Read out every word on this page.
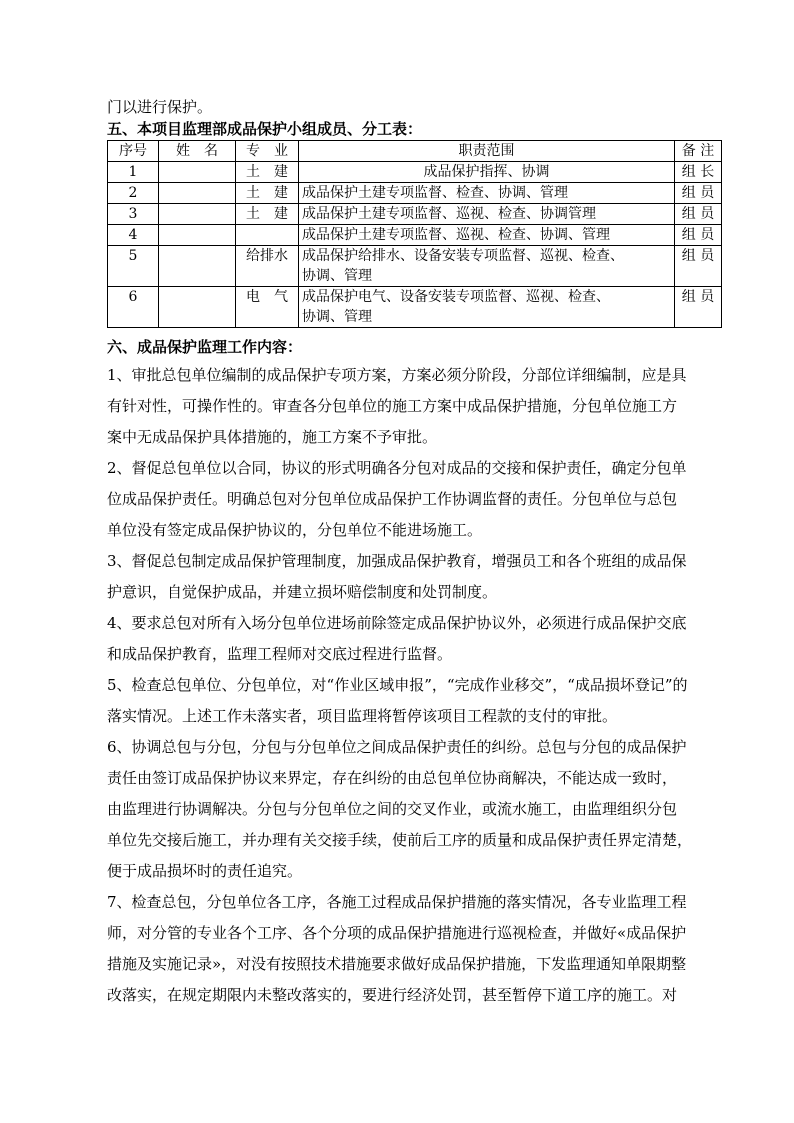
门以进行保护。
五、本项目监理部成品保护小组成员、分工表：
序号	姓　名	专　业	职责范围	备 注
1		土　建	成品保护指挥、协调	组 长
2		土　建	成品保护土建专项监督、检查、协调、管理	组 员
3		土　建	成品保护土建专项监督、巡视、检查、协调管理	组 员
4			成品保护土建专项监督、巡视、检查、协调、管理	组 员
5		给排水	成品保护给排水、设备安装专项监督、巡视、检查、
协调、管理	组 员
6		电　气	成品保护电气、设备安装专项监督、巡视、检查、
协调、管理	组 员
六、成品保护监理工作内容：
1、审批总包单位编制的成品保护专项方案，方案必须分阶段，分部位详细编制，应是具
有针对性，可操作性的。审查各分包单位的施工方案中成品保护措施，分包单位施工方
案中无成品保护具体措施的，施工方案不予审批。
2、督促总包单位以合同，协议的形式明确各分包对成品的交接和保护责任，确定分包单
位成品保护责任。明确总包对分包单位成品保护工作协调监督的责任。分包单位与总包
单位没有签定成品保护协议的，分包单位不能进场施工。
3、督促总包制定成品保护管理制度，加强成品保护教育，增强员工和各个班组的成品保
护意识，自觉保护成品，并建立损坏赔偿制度和处罚制度。
4、要求总包对所有入场分包单位进场前除签定成品保护协议外，必须进行成品保护交底
和成品保护教育，监理工程师对交底过程进行监督。
5、检查总包单位、分包单位，对“作业区域申报”，“完成作业移交”，“成品损坏登记”的
落实情况。上述工作未落实者，项目监理将暂停该项目工程款的支付的审批。
6、协调总包与分包，分包与分包单位之间成品保护责任的纠纷。总包与分包的成品保护
责任由签订成品保护协议来界定，存在纠纷的由总包单位协商解决，不能达成一致时，
由监理进行协调解决。分包与分包单位之间的交叉作业，或流水施工，由监理组织分包
单位先交接后施工，并办理有关交接手续，使前后工序的质量和成品保护责任界定清楚，
便于成品损坏时的责任追究。
7、检查总包，分包单位各工序，各施工过程成品保护措施的落实情况，各专业监理工程
师，对分管的专业各个工序、各个分项的成品保护措施进行巡视检查，并做好«成品保护
措施及实施记录»，对没有按照技术措施要求做好成品保护措施，下发监理通知单限期整
改落实，在规定期限内未整改落实的，要进行经济处罚，甚至暂停下道工序的施工。对
